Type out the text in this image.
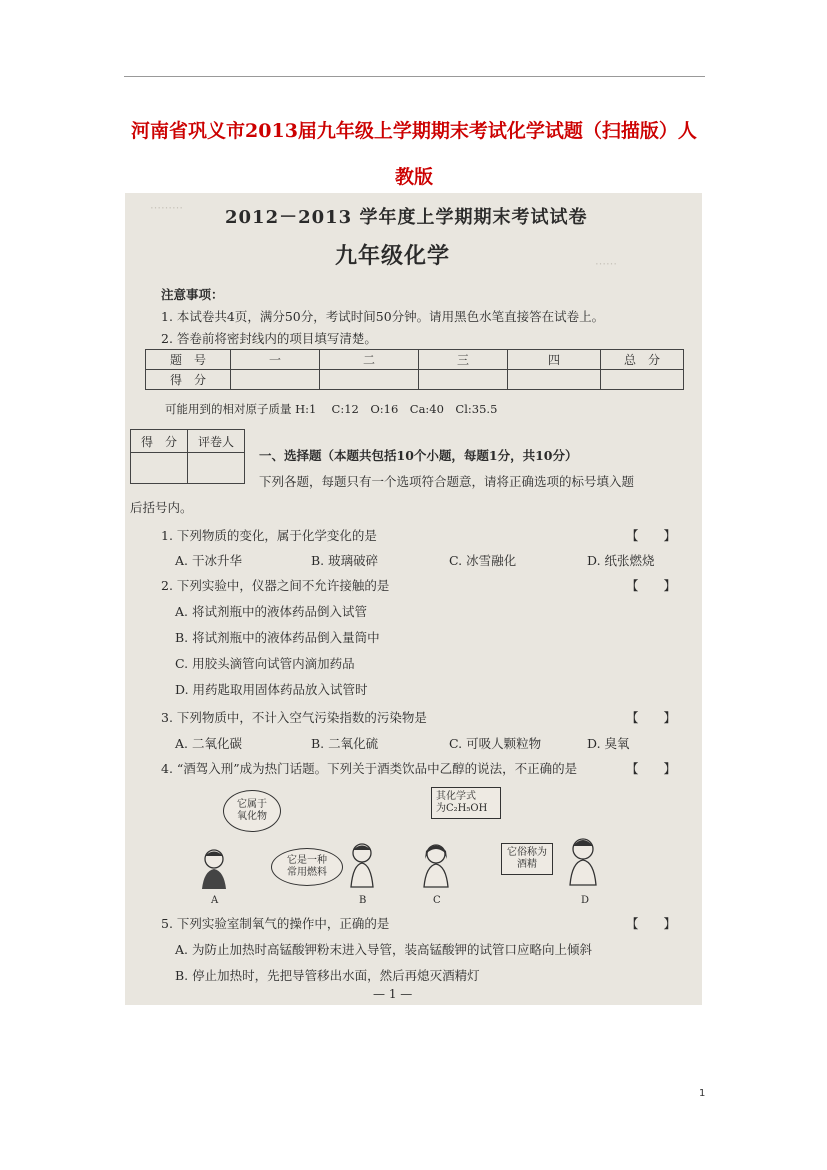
河南省巩义市2013届九年级上学期期末考试化学试题（扫描版）人
教版
⋯⋯⋯
⋯⋯
2012－2013 学年度上学期期末考试试卷
九年级化学
注意事项：
1. 本试卷共4页，满分50分，考试时间50分钟。请用黑色水笔直接答在试卷上。
2. 答卷前将密封线内的项目填写清楚。
题　号	一	二	三	四	总　分
得　分					
可能用到的相对原子质量 H:1　 C:12　O:16　Ca:40　Cl:35.5
得　分	评卷人

一、选择题（本题共包括10个小题，每题1分，共10分）
下列各题，每题只有一个选项符合题意，请将正确选项的标号填入题
后括号内。
1. 下列物质的变化，属于化学变化的是	【　　】
A. 干冰升华	B. 玻璃破碎	C. 冰雪融化	D. 纸张燃烧
2. 下列实验中，仪器之间不允许接触的是	【　　】
A. 将试剂瓶中的液体药品倒入试管
B. 将试剂瓶中的液体药品倒入量筒中
C. 用胶头滴管向试管内滴加药品
D. 用药匙取用固体药品放入试管时
3. 下列物质中，不计入空气污染指数的污染物是	【　　】
A. 二氧化碳	B. 二氧化硫	C. 可吸人颗粒物	D. 臭氧
4. “酒驾入刑”成为热门话题。下列关于酒类饮品中乙醇的说法，不正确的是	【　　】
它属于氧化物
它是一种常用燃料
其化学式
为C₂H₅OH
它俗称为酒精
A	B	C	D
5. 下列实验室制氧气的操作中，正确的是	【　　】
A. 为防止加热时高锰酸钾粉末进入导管，装高锰酸钾的试管口应略向上倾斜
B. 停止加热时，先把导管移出水面，然后再熄灭酒精灯
— 1 —
1
